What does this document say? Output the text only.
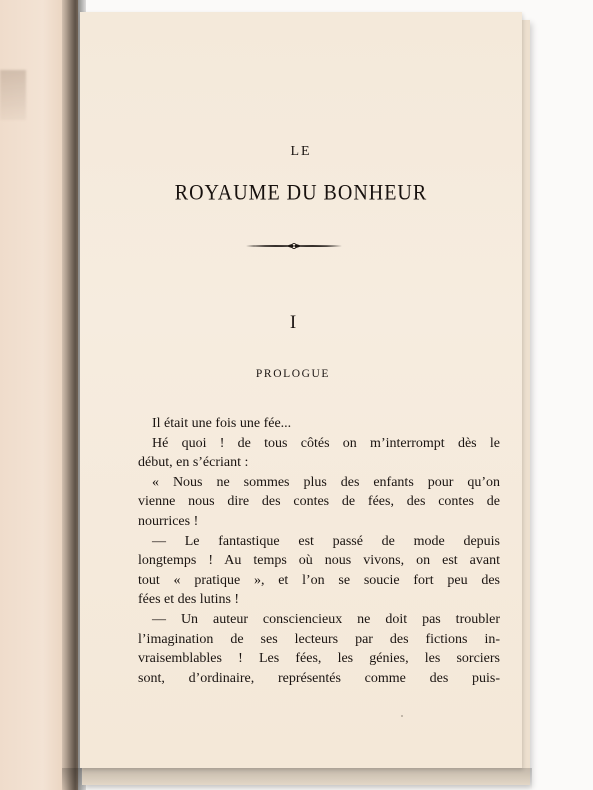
LE
ROYAUME DU BONHEUR
I
PROLOGUE
Il était une fois une fée...
Hé quoi ! de tous côtés on m’interrompt dès le
début, en s’écriant :
« Nous ne sommes plus des enfants pour qu’on
vienne nous dire des contes de fées, des contes de
nourrices !
— Le fantastique est passé de mode depuis
longtemps ! Au temps où nous vivons, on est avant
tout « pratique », et l’on se soucie fort peu des
fées et des lutins !
— Un auteur consciencieux ne doit pas troubler
l’imagination de ses lecteurs par des fictions in-
vraisemblables ! Les fées, les génies, les sorciers
sont, d’ordinaire, représentés comme des puis-
